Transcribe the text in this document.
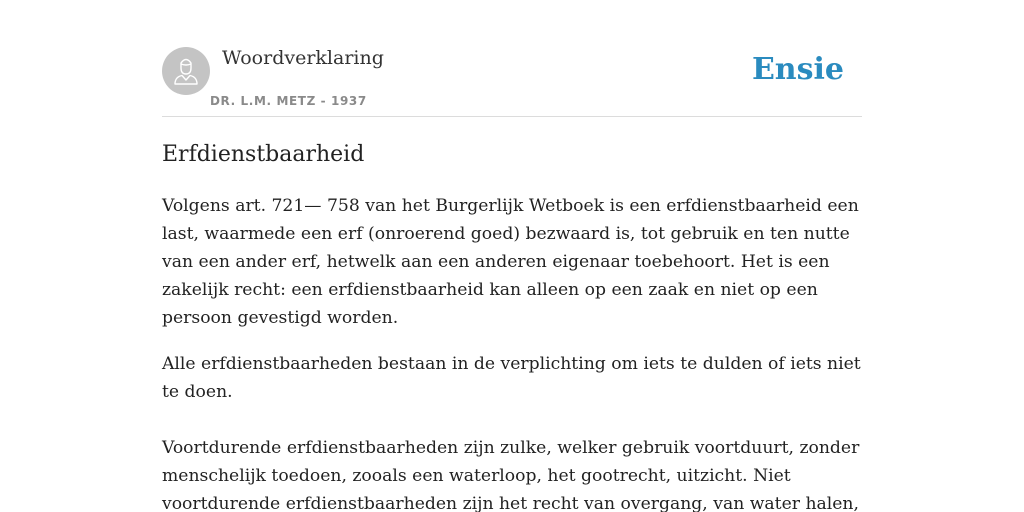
Woordverklaring
DR. L.M. METZ - 1937
Ensie
Erfdienstbaarheid

Volgens art. 721— 758 van het Burgerlijk Wetboek is een erfdienstbaarheid een last, waarmede een erf (onroerend goed) bezwaard is, tot gebruik en ten nutte van een ander erf, hetwelk aan een anderen eigenaar toebehoort. Het is een zakelijk recht: een erfdienstbaarheid kan alleen op een zaak en niet op een persoon gevestigd worden.

Alle erfdienstbaarheden bestaan in de verplichting om iets te dulden of iets niet te doen.

Voortdurende erfdienstbaarheden zijn zulke, welker gebruik voortduurt, zonder menschelijk toedoen, zooals een waterloop, het gootrecht, uitzicht. Niet voortdurende erfdienstbaarheden zijn het recht van overgang, van water halen,
